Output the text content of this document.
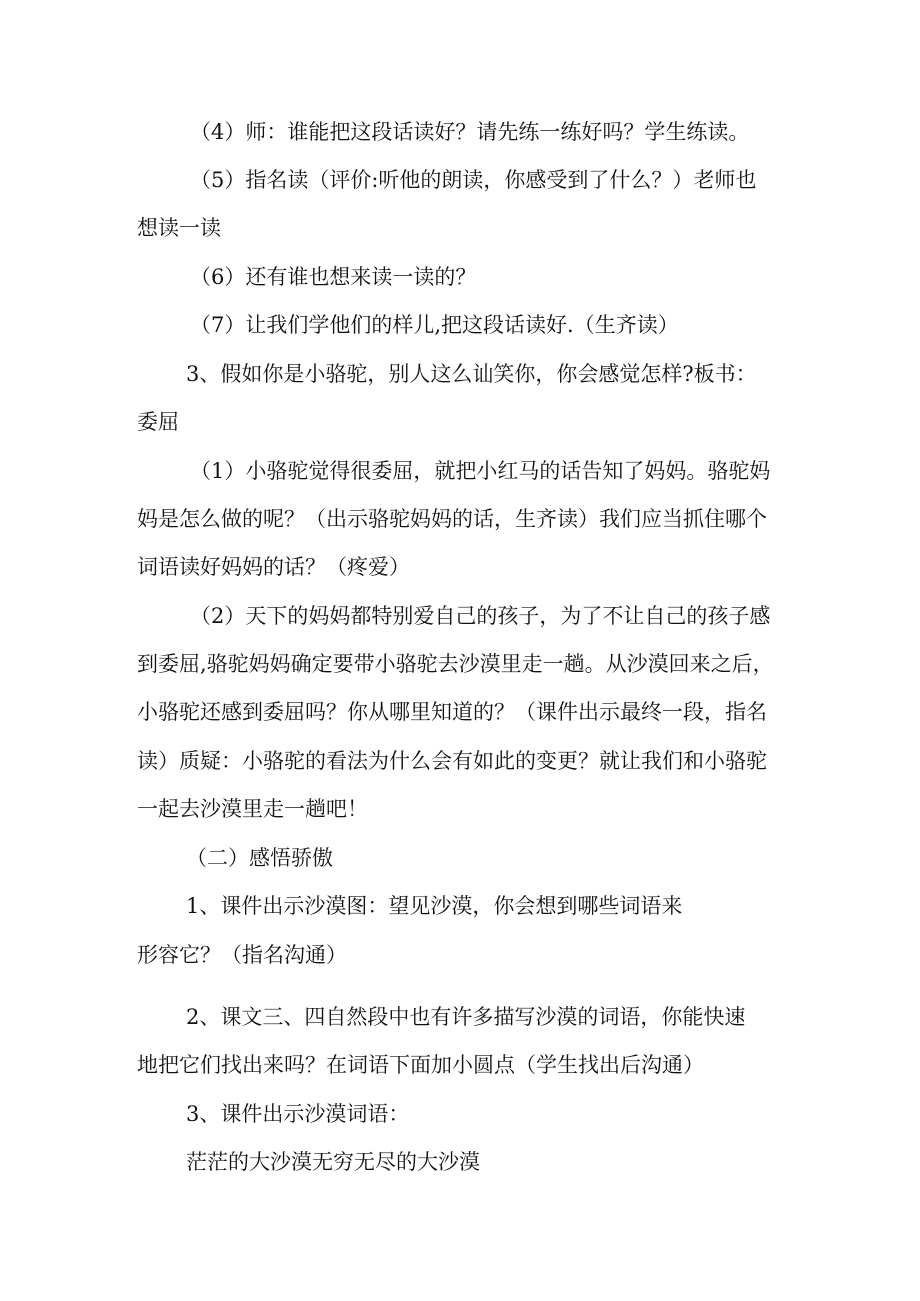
（4）师：谁能把这段话读好？请先练一练好吗？学生练读。

（5）指名读（评价:听他的朗读，你感受到了什么？）老师也

想读一读

（6）还有谁也想来读一读的？

（7）让我们学他们的样儿,把这段话读好.（生齐读）

3、假如你是小骆驼，别人这么讪笑你，你会感觉怎样?板书：

委屈

（1）小骆驼觉得很委屈，就把小红马的话告知了妈妈。骆驼妈

妈是怎么做的呢？（出示骆驼妈妈的话，生齐读）我们应当抓住哪个

词语读好妈妈的话？（疼爱）

（2）天下的妈妈都特别爱自己的孩子，为了不让自己的孩子感

到委屈,骆驼妈妈确定要带小骆驼去沙漠里走一趟。从沙漠回来之后，

小骆驼还感到委屈吗？你从哪里知道的？（课件出示最终一段，指名

读）质疑：小骆驼的看法为什么会有如此的变更？就让我们和小骆驼

一起去沙漠里走一趟吧！

（二）感悟骄傲

1、课件出示沙漠图：望见沙漠，你会想到哪些词语来

形容它？（指名沟通）

2、课文三、四自然段中也有许多描写沙漠的词语，你能快速

地把它们找出来吗？在词语下面加小圆点（学生找出后沟通）

3、课件出示沙漠词语：

茫茫的大沙漠无穷无尽的大沙漠
